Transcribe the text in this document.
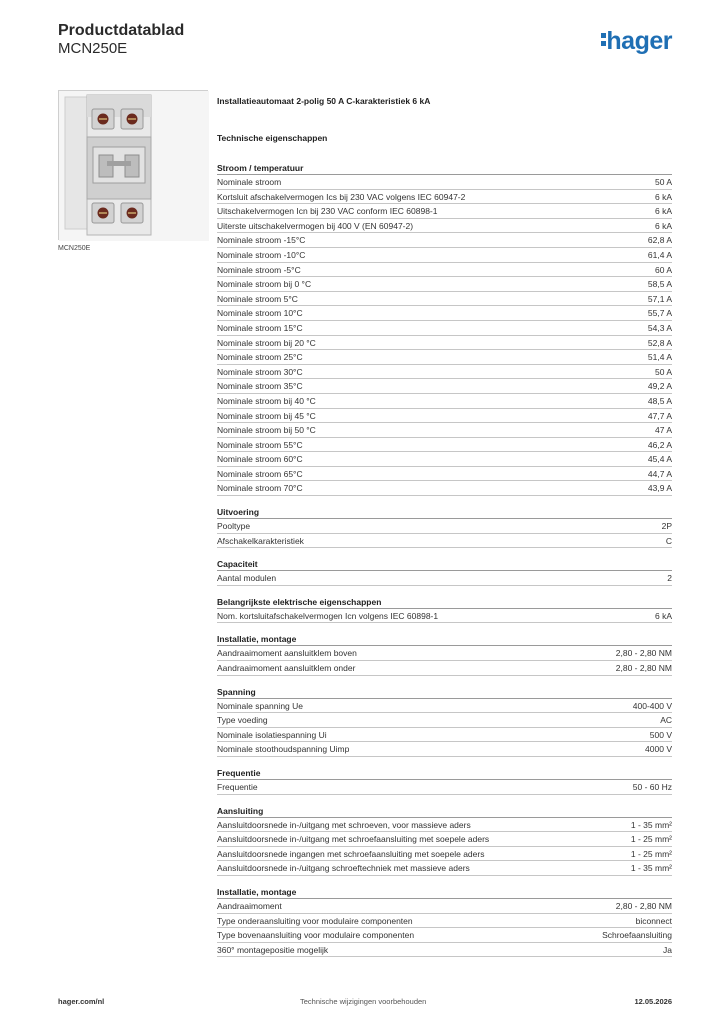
Productdatablad
MCN250E	hager
MCN250E
Installatieautomaat 2-polig 50 A C-karakteristiek 6 kA
Technische eigenschappen
Stroom / temperatuur
Nominale stroom	50 A
Kortsluit afschakelvermogen Ics bij 230 VAC volgens IEC 60947-2	6 kA
Uitschakelvermogen Icn bij 230 VAC conform IEC 60898-1	6 kA
Uiterste uitschakelvermogen bij 400 V (EN 60947-2)	6 kA
Nominale stroom -15°C	62,8 A
Nominale stroom -10°C	61,4 A
Nominale stroom -5°C	60 A
Nominale stroom bij 0 °C	58,5 A
Nominale stroom 5°C	57,1 A
Nominale stroom 10°C	55,7 A
Nominale stroom 15°C	54,3 A
Nominale stroom bij 20 °C	52,8 A
Nominale stroom 25°C	51,4 A
Nominale stroom 30°C	50 A
Nominale stroom 35°C	49,2 A
Nominale stroom bij 40 °C	48,5 A
Nominale stroom bij 45 °C	47,7 A
Nominale stroom bij 50 °C	47 A
Nominale stroom 55°C	46,2 A
Nominale stroom 60°C	45,4 A
Nominale stroom 65°C	44,7 A
Nominale stroom 70°C	43,9 A
Uitvoering
Pooltype	2P
Afschakelkarakteristiek	C
Capaciteit
Aantal modulen	2
Belangrijkste elektrische eigenschappen
Nom. kortsluitafschakelvermogen Icn volgens IEC 60898-1	6 kA
Installatie, montage
Aandraaimoment aansluitklem boven	2,80 - 2,80 NM
Aandraaimoment aansluitklem onder	2,80 - 2,80 NM
Spanning
Nominale spanning Ue	400-400 V
Type voeding	AC
Nominale isolatiespanning Ui	500 V
Nominale stoothoudspanning Uimp	4000 V
Frequentie
Frequentie	50 - 60 Hz
Aansluiting
Aansluitdoorsnede in-/uitgang met schroeven, voor massieve aders	1 - 35 mm²
Aansluitdoorsnede in-/uitgang met schroefaansluiting met soepele aders	1 - 25 mm²
Aansluitdoorsnede ingangen met schroefaansluiting met soepele aders	1 - 25 mm²
Aansluitdoorsnede in-/uitgang schroeftechniek met massieve aders	1 - 35 mm²
Installatie, montage
Aandraaimoment	2,80 - 2,80 NM
Type onderaansluiting voor modulaire componenten	biconnect
Type bovenaansluiting voor modulaire componenten	Schroefaansluiting
360° montagepositie mogelijk	Ja
hager.com/nl	Technische wijzigingen voorbehouden	12.05.2026
